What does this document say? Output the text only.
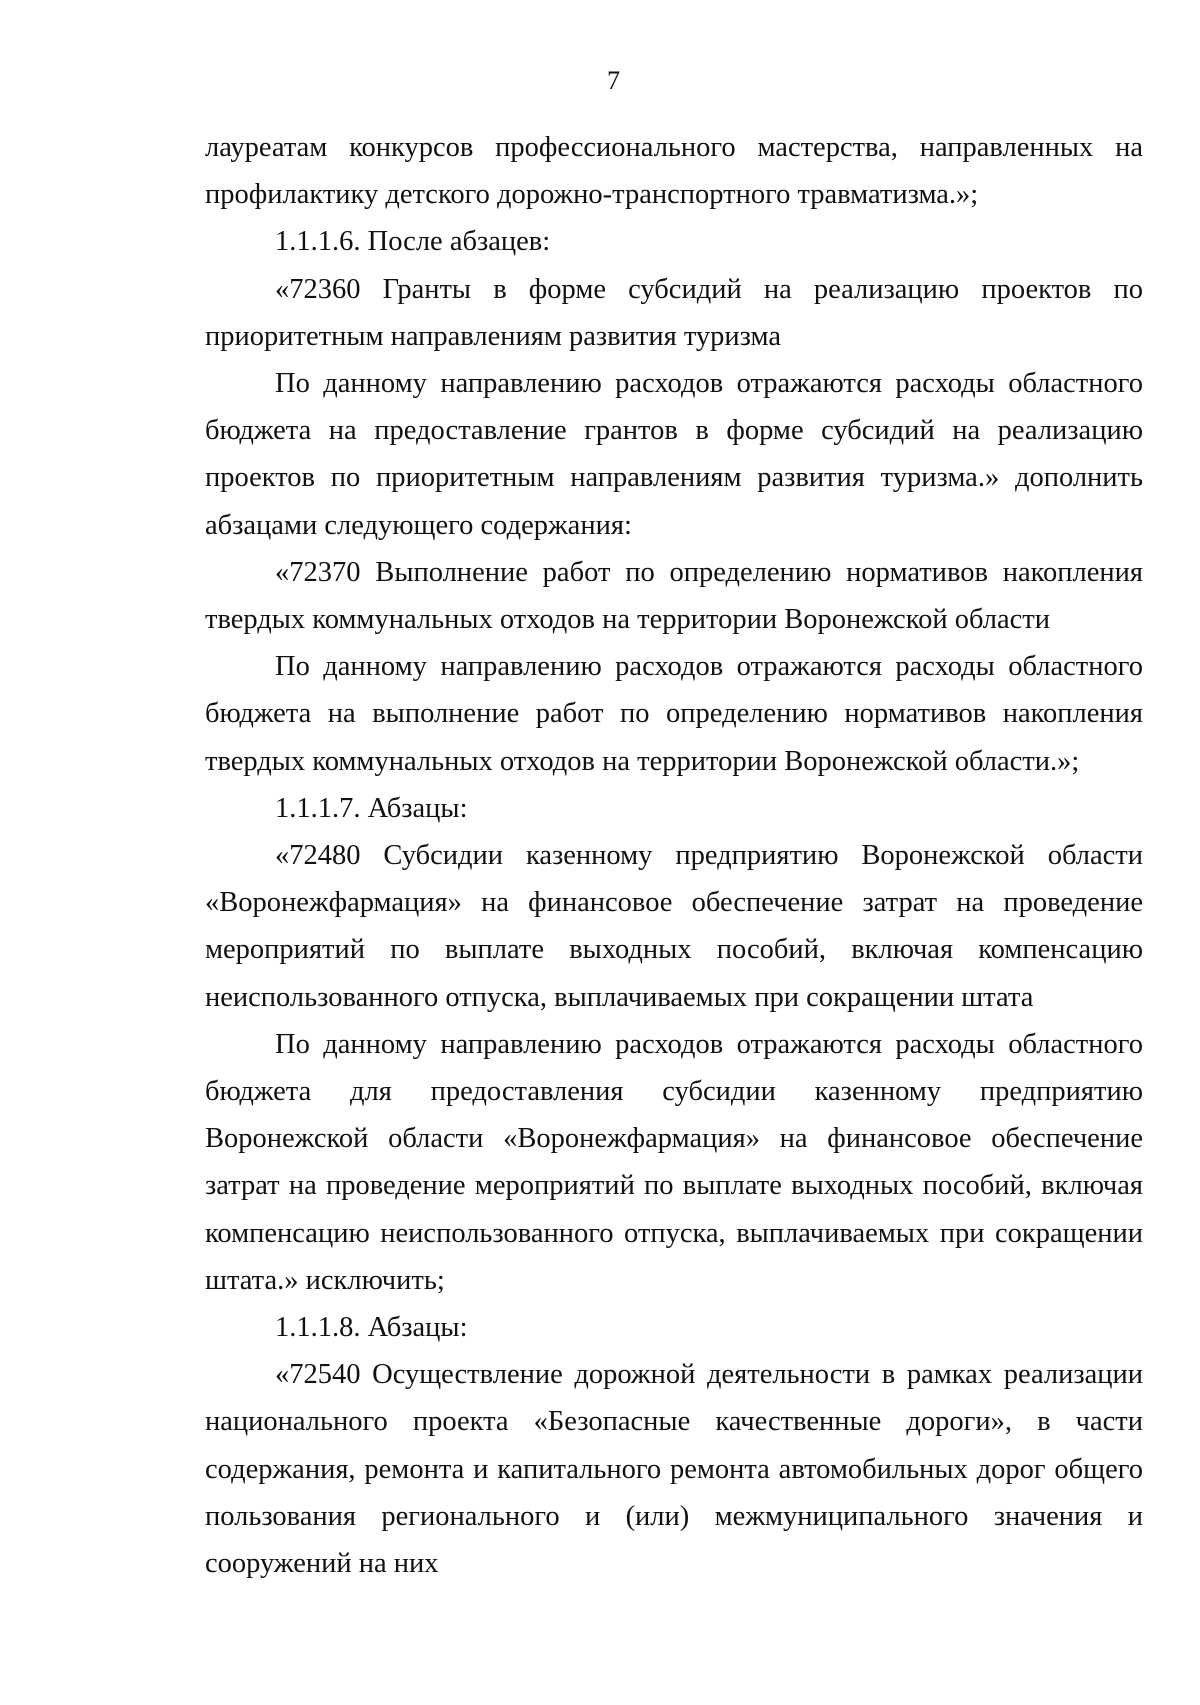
7

лауреатам конкурсов профессионального мастерства, направленных на профилактику детского дорожно-транспортного травматизма.»;

1.1.1.6. После абзацев:

«72360 Гранты в форме субсидий на реализацию проектов по приоритетным направлениям развития туризма

По данному направлению расходов отражаются расходы областного бюджета на предоставление грантов в форме субсидий на реализацию проектов по приоритетным направлениям развития туризма.» дополнить абзацами следующего содержания:

«72370 Выполнение работ по определению нормативов накопления твердых коммунальных отходов на территории Воронежской области

По данному направлению расходов отражаются расходы областного бюджета на выполнение работ по определению нормативов накопления твердых коммунальных отходов на территории Воронежской области.»;

1.1.1.7. Абзацы:

«72480 Субсидии казенному предприятию Воронежской области «Воронежфармация» на финансовое обеспечение затрат на проведение мероприятий по выплате выходных пособий, включая компенсацию неиспользованного отпуска, выплачиваемых при сокращении штата

По данному направлению расходов отражаются расходы областного бюджета для предоставления субсидии казенному предприятию Воронежской области «Воронежфармация» на финансовое обеспечение затрат на проведение мероприятий по выплате выходных пособий, включая компенсацию неиспользованного отпуска, выплачиваемых при сокращении штата.» исключить;

1.1.1.8. Абзацы:

«72540 Осуществление дорожной деятельности в рамках реализации национального проекта «Безопасные качественные дороги», в части содержания, ремонта и капитального ремонта автомобильных дорог общего пользования регионального и (или) межмуниципального значения и сооружений на них
